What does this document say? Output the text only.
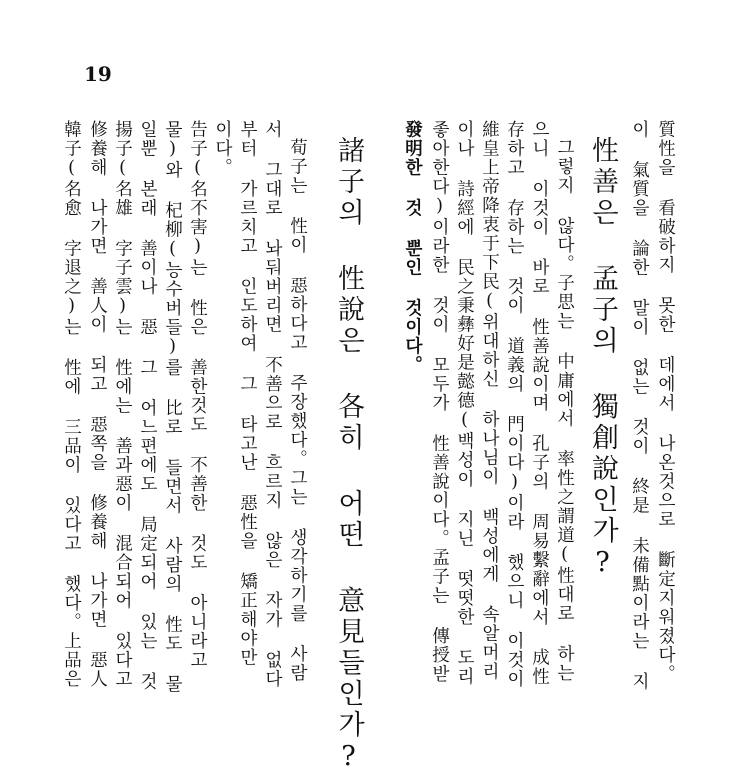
19
質性을 看破하지 못한 데에서 나온것으로 斷定지워졌다。
이 氣質을 論한 말이 없는 것이 終是 未備點이라는 지
性善은 孟子의 獨創說인가?
그렇지 않다。子思는 中庸에서 率性之謂道(性대로 하는
으니 이것이 바로 性善說이며 孔子의 周易繫辭에서 成性
存하고 存하는 것이 道義의 門이다)이라 했으니 이것이
維皇上帝降衷于下民(위대하신 하나님이 백성에게 속알머리
이나 詩經에 民之秉彝好是懿德(백성이 지닌 떳떳한 도리
좋아한다)이라한 것이 모두가 性善說이다。孟子는 傳授받
發明한 것 뿐인 것이다。
諸子의 性說은 各히 어떤 意見들인가?
荀子는 性이 惡하다고 주장했다。그는 생각하기를 사람
서 그대로 놔둬버리면 不善으로 흐르지 않은 자가 없다
부터 가르치고 인도하여 그 타고난 惡性을 矯正해야만
이다。
告子(名不害)는 性은 善한것도 不善한 것도 아니라고
물)와 杞柳(능수버들)를 比로 들면서 사람의 性도 물
일뿐 본래 善이나 惡 그 어느편에도 局定되어 있는 것
揚子(名雄 字子雲)는 性에는 善과惡이 混合되어 있다고
修養해 나가면 善人이 되고 惡쪽을 修養해 나가면 惡人
韓子(名愈 字退之)는 性에 三品이 있다고 했다。上品은
